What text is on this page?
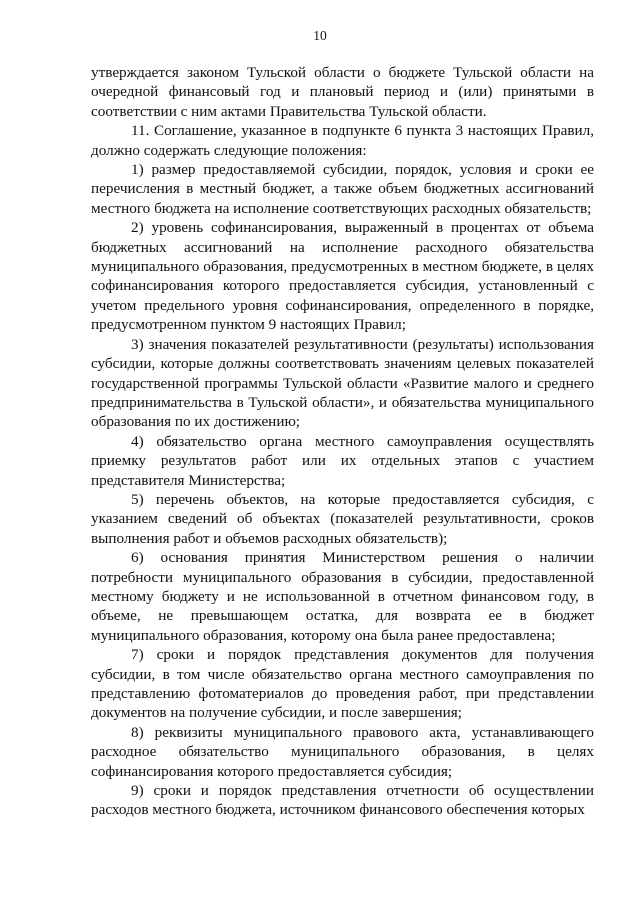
10

утверждается законом Тульской области о бюджете Тульской области на очередной финансовый год и плановый период и (или) принятыми в соответствии с ним актами Правительства Тульской области.

11. Соглашение, указанное в подпункте 6 пункта 3 настоящих Правил, должно содержать следующие положения:

1) размер предоставляемой субсидии, порядок, условия и сроки ее перечисления в местный бюджет, а также объем бюджетных ассигнований местного бюджета на исполнение соответствующих расходных обязательств;

2) уровень софинансирования, выраженный в процентах от объема бюджетных ассигнований на исполнение расходного обязательства муниципального образования, предусмотренных в местном бюджете, в целях софинансирования которого предоставляется субсидия, установленный с учетом предельного уровня софинансирования, определенного в порядке, предусмотренном пунктом 9 настоящих Правил;

3) значения показателей результативности (результаты) использования субсидии, которые должны соответствовать значениям целевых показателей государственной программы Тульской области «Развитие малого и среднего предпринимательства в Тульской области», и обязательства муниципального образования по их достижению;

4) обязательство органа местного самоуправления осуществлять приемку результатов работ или их отдельных этапов с участием представителя Министерства;

5) перечень объектов, на которые предоставляется субсидия, с указанием сведений об объектах (показателей результативности, сроков выполнения работ и объемов расходных обязательств);

6) основания принятия Министерством решения о наличии потребности муниципального образования в субсидии, предоставленной местному бюджету и не использованной в отчетном финансовом году, в объеме, не превышающем остатка, для возврата ее в бюджет муниципального образования, которому она была ранее предоставлена;

7) сроки и порядок представления документов для получения субсидии, в том числе обязательство органа местного самоуправления по представлению фотоматериалов до проведения работ, при представлении документов на получение субсидии, и после завершения;

8) реквизиты муниципального правового акта, устанавливающего расходное обязательство муниципального образования, в целях софинансирования которого предоставляется субсидия;

9) сроки и порядок представления отчетности об осуществлении расходов местного бюджета, источником финансового обеспечения которых
